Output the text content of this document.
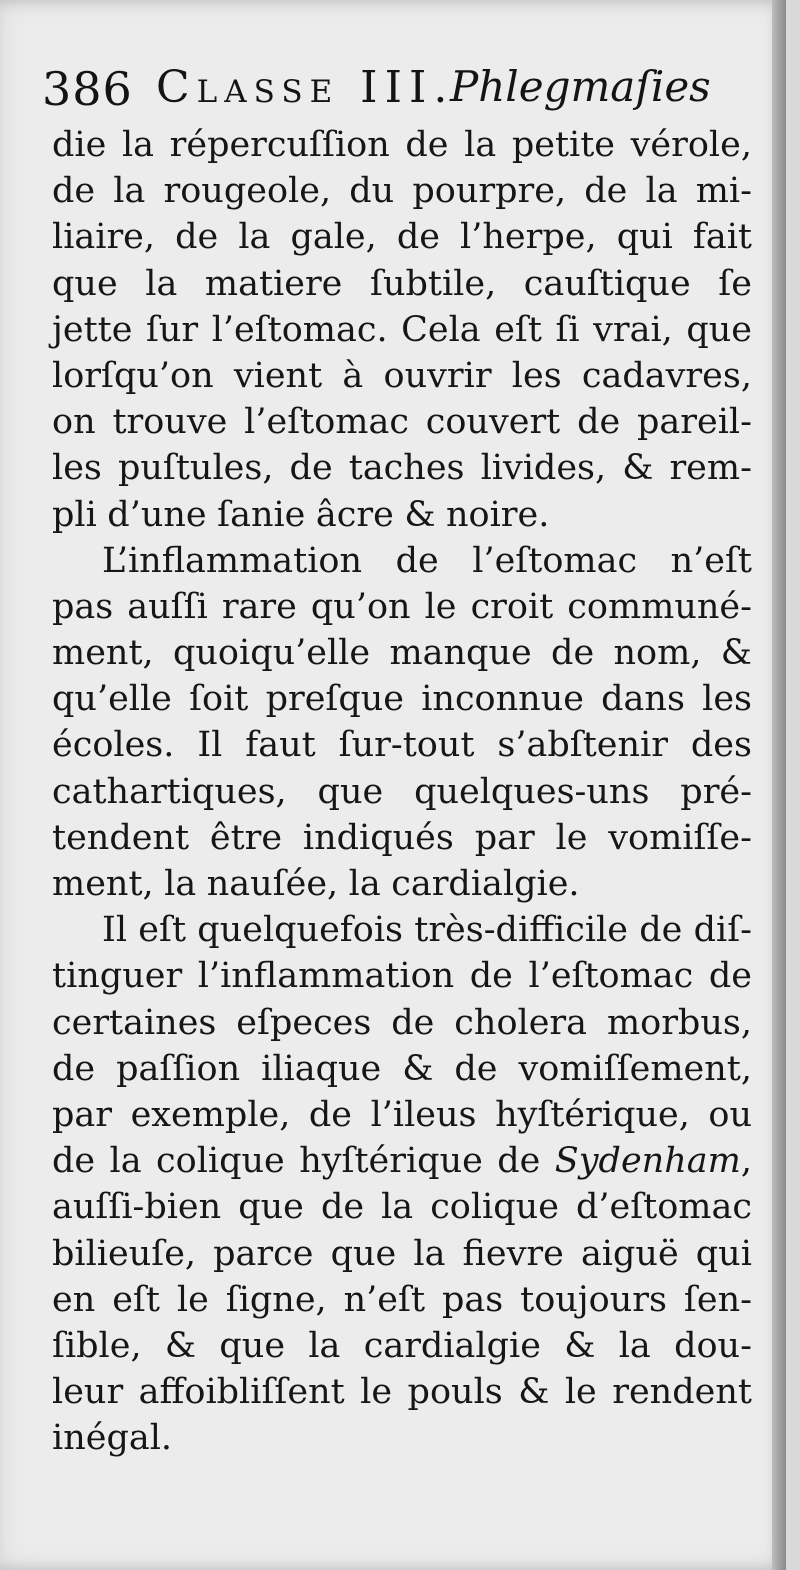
386 Classe III.
Phlegmaſies
die la répercuſſion de la petite vérole,
de la rougeole, du pourpre, de la mi-
liaire, de la gale, de l’herpe, qui fait
que la matiere ſubtile, cauſtique ſe
jette ſur l’eſtomac. Cela eſt ſi vrai, que
lorſqu’on vient à ouvrir les cadavres,
on trouve l’eſtomac couvert de pareil-
les puſtules, de taches livides, & rem-
pli d’une ſanie âcre & noire.
L’inflammation de l’eſtomac n’eſt
pas auſſi rare qu’on le croit communé-
ment, quoiqu’elle manque de nom, &
qu’elle ſoit preſque inconnue dans les
écoles. Il faut ſur-tout s’abſtenir des
cathartiques, que quelques-uns pré-
tendent être indiqués par le vomiſſe-
ment, la nauſée, la cardialgie.
Il eſt quelquefois très-difficile de diſ-
tinguer l’inflammation de l’eſtomac de
certaines eſpeces de cholera morbus,
de paſſion iliaque & de vomiſſement,
par exemple, de l’ileus hyſtérique, ou
de la colique hyſtérique de Sydenham,
auſſi-bien que de la colique d’eſtomac
bilieuſe, parce que la fievre aiguë qui
en eſt le ſigne, n’eſt pas toujours ſen-
ſible, & que la cardialgie & la dou-
leur affoibliſſent le pouls & le rendent
inégal.
